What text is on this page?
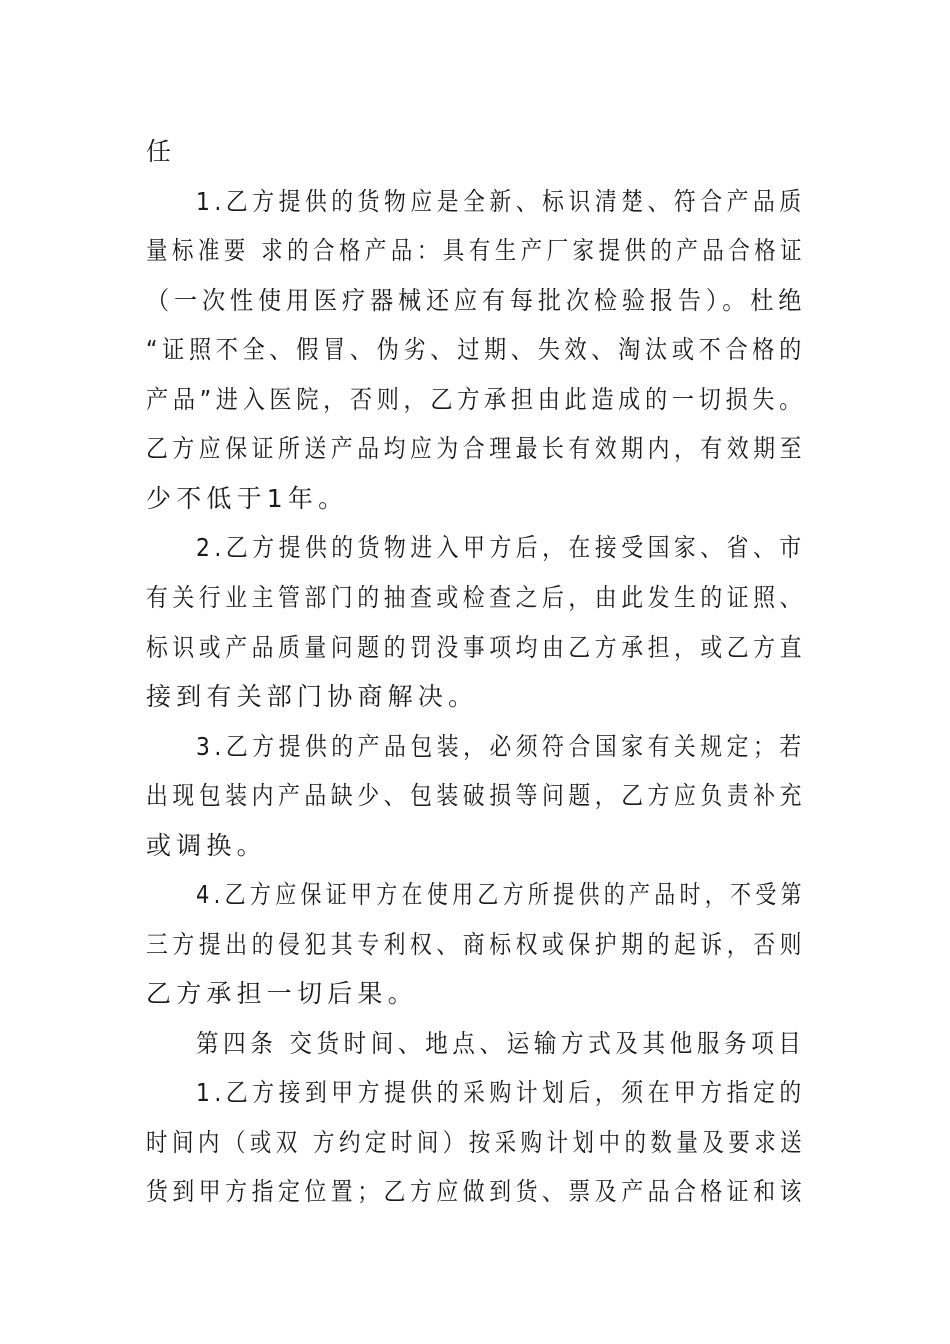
任
1.乙方提供的货物应是全新、标识清楚、符合产品质
量标准要 求的合格产品：具有生产厂家提供的产品合格证
（一次性使用医疗器械还应有每批次检验报告）。杜绝
“证照不全、假冒、伪劣、过期、失效、淘汰或不合格的
产品”进入医院，否则，乙方承担由此造成的一切损失。
乙方应保证所送产品均应为合理最长有效期内，有效期至
少不低于1年。
2.乙方提供的货物进入甲方后，在接受国家、省、市
有关行业主管部门的抽查或检查之后，由此发生的证照、
标识或产品质量问题的罚没事项均由乙方承担，或乙方直
接到有关部门协商解决。
3.乙方提供的产品包装，必须符合国家有关规定；若
出现包装内产品缺少、包装破损等问题，乙方应负责补充
或调换。
4.乙方应保证甲方在使用乙方所提供的产品时，不受第
三方提出的侵犯其专利权、商标权或保护期的起诉，否则
乙方承担一切后果。
第四条 交货时间、地点、运输方式及其他服务项目
1.乙方接到甲方提供的采购计划后，须在甲方指定的
时间内（或双 方约定时间）按采购计划中的数量及要求送
货到甲方指定位置；乙方应做到货、票及产品合格证和该
